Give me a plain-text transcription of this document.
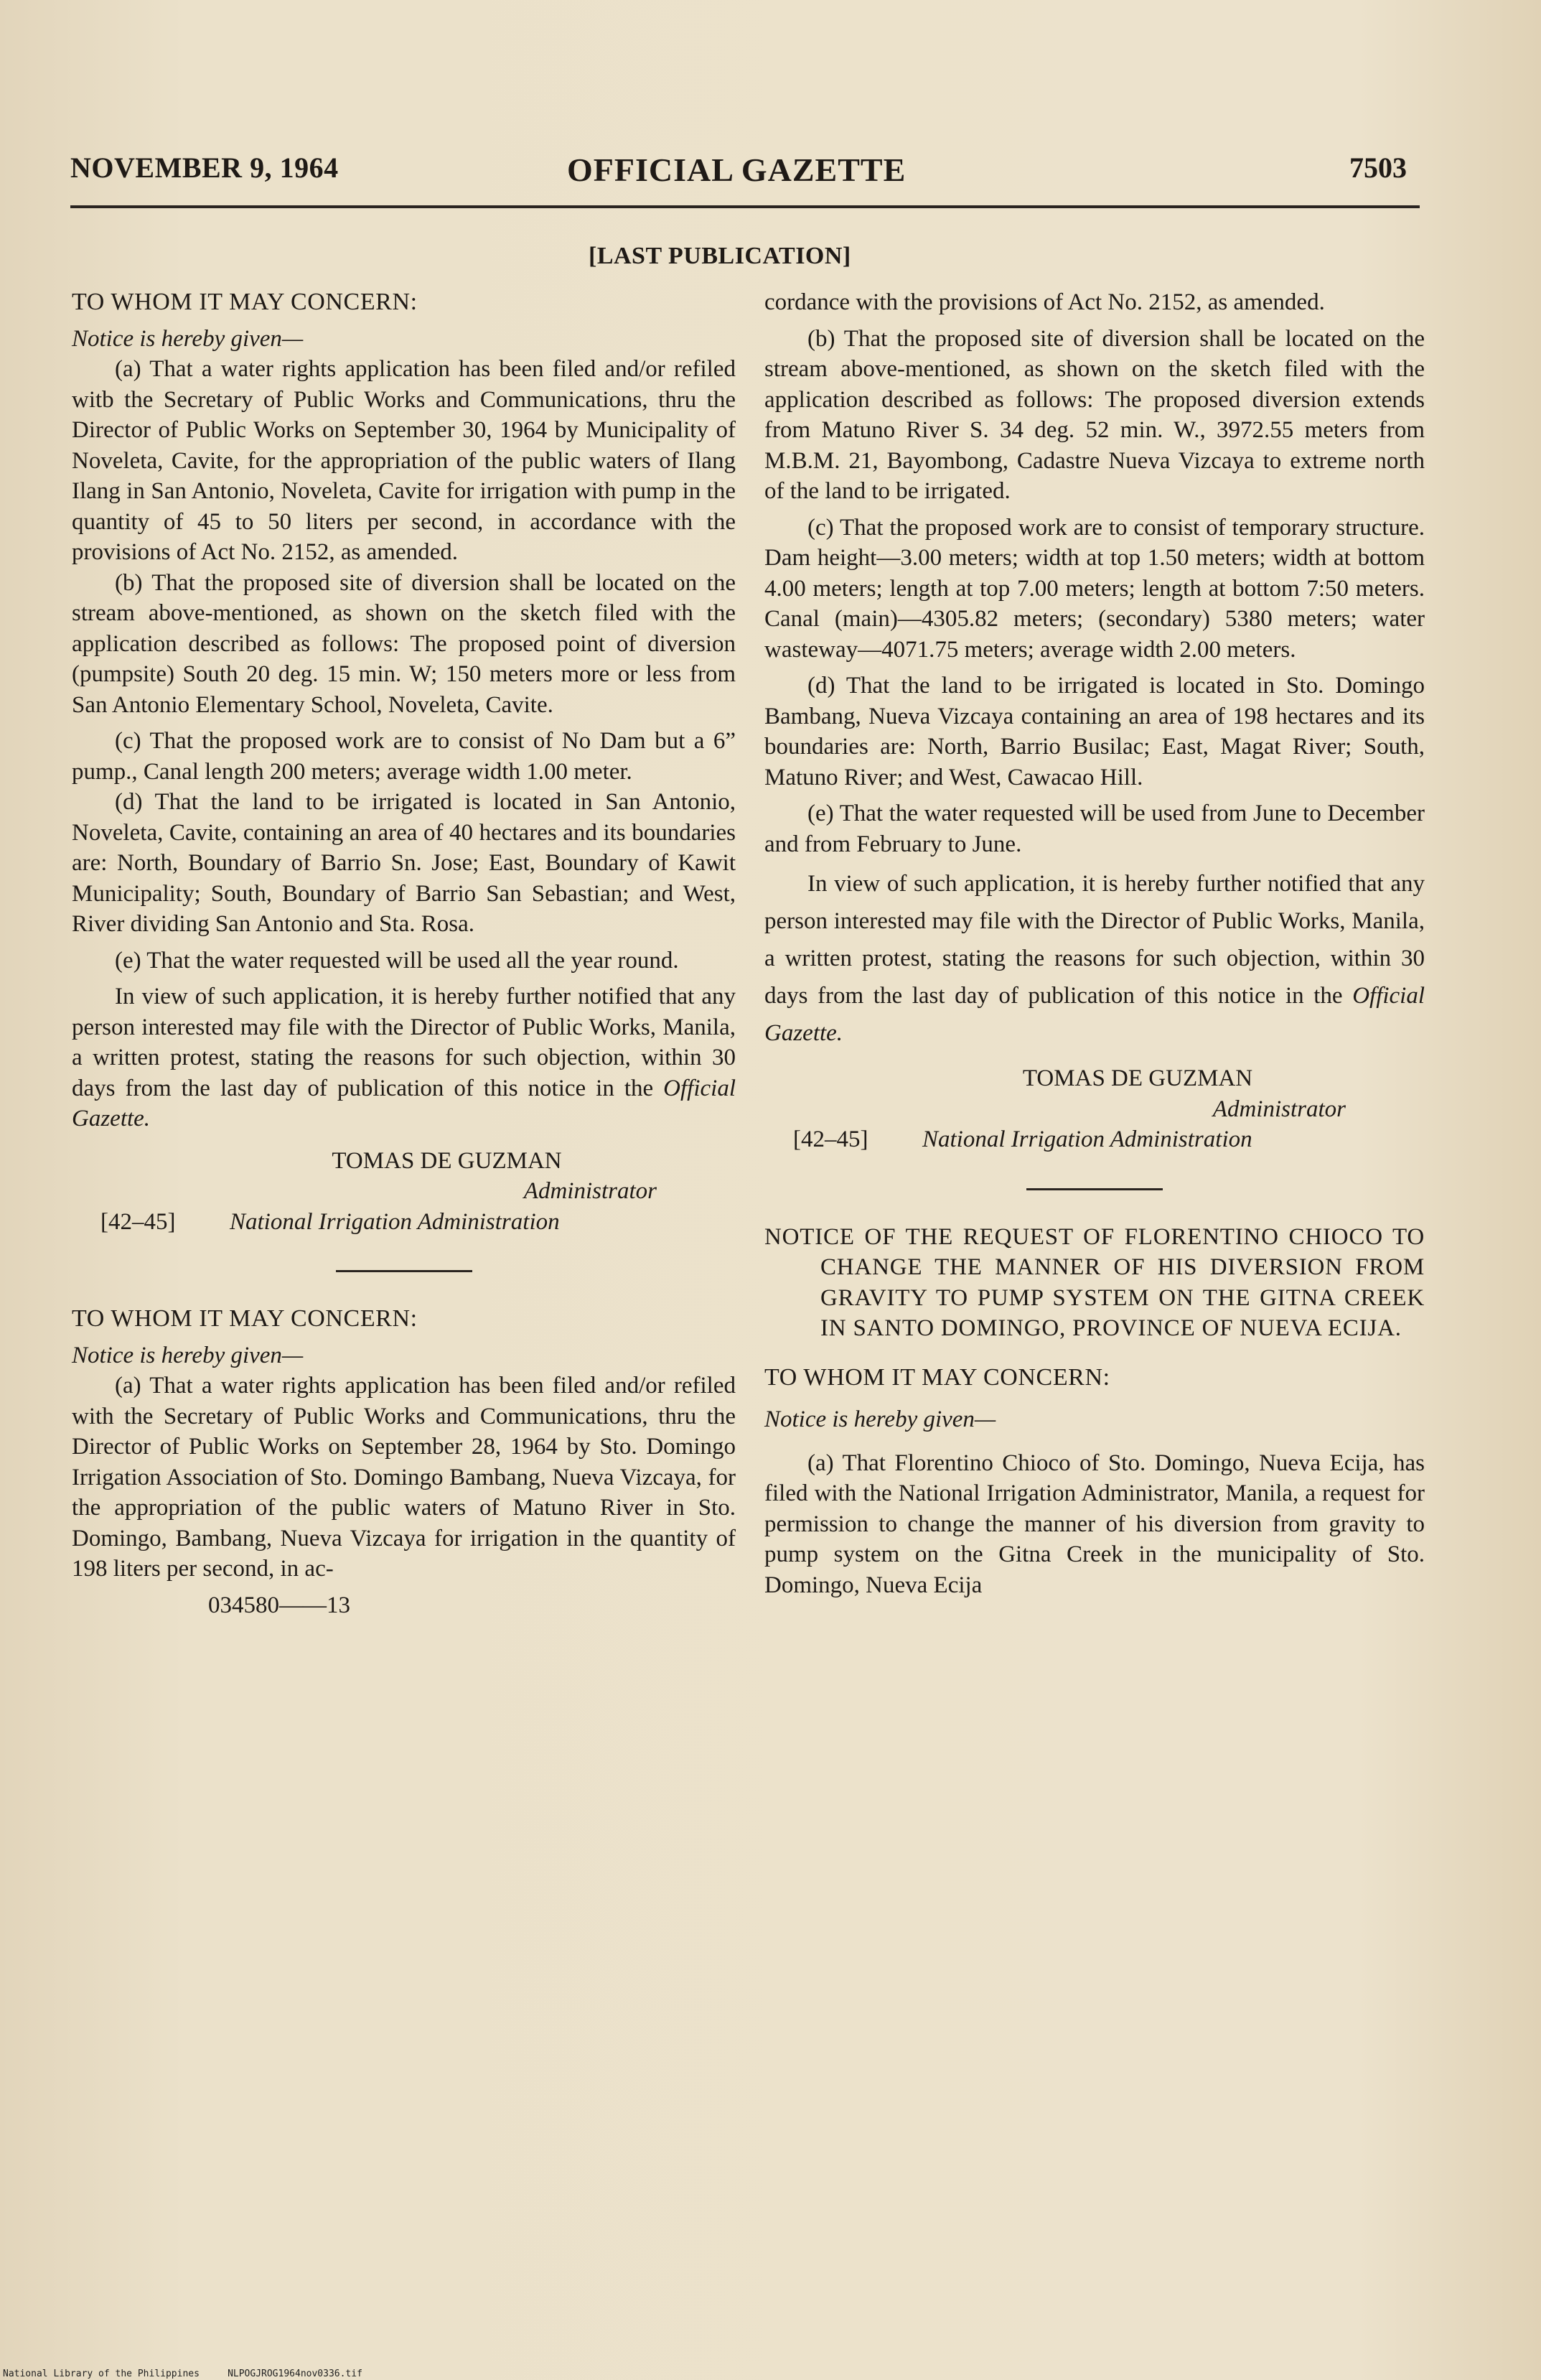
NOVEMBER 9, 1964	OFFICIAL GAZETTE	7503
[LAST PUBLICATION]

TO WHOM IT MAY CONCERN:

Notice is hereby given—

(a) That a water rights application has been filed and/or refiled witb the Secretary of Public Works and Communications, thru the Director of Public Works on September 30, 1964 by Municipality of Noveleta, Cavite, for the appropriation of the public waters of Ilang Ilang in San Antonio, Noveleta, Cavite for irrigation with pump in the quantity of 45 to 50 liters per second, in accordance with the provisions of Act No. 2152, as amended.

(b) That the proposed site of diversion shall be located on the stream above-mentioned, as shown on the sketch filed with the application described as follows: The proposed point of diversion (pumpsite) South 20 deg. 15 min. W; 150 meters more or less from San Antonio Elementary School, Noveleta, Cavite.

(c) That the proposed work are to consist of No Dam but a 6” pump., Canal length 200 meters; average width 1.00 meter.

(d) That the land to be irrigated is located in San Antonio, Noveleta, Cavite, containing an area of 40 hectares and its boundaries are: North, Boundary of Barrio Sn. Jose; East, Boundary of Kawit Municipality; South, Boundary of Barrio San Sebastian; and West, River dividing San Antonio and Sta. Rosa.

(e) That the water requested will be used all the year round.

In view of such application, it is hereby further notified that any person interested may file with the Director of Public Works, Manila, a written protest, stating the reasons for such objection, within 30 days from the last day of publication of this notice in the Official Gazette.

TOMAS DE GUZMAN

Administrator

[42–45]	National Irrigation Administration

TO WHOM IT MAY CONCERN:

Notice is hereby given—

(a) That a water rights application has been filed and/or refiled with the Secretary of Public Works and Communications, thru the Director of Public Works on September 28, 1964 by Sto. Domingo Irrigation Association of Sto. Domingo Bambang, Nueva Vizcaya, for the appropriation of the public waters of Matuno River in Sto. Domingo, Bambang, Nueva Vizcaya for irrigation in the quantity of 198 liters per second, in ac-

034580——13

cordance with the provisions of Act No. 2152, as amended.

(b) That the proposed site of diversion shall be located on the stream above-mentioned, as shown on the sketch filed with the application described as follows: The proposed diversion extends from Matuno River S. 34 deg. 52 min. W., 3972.55 meters from M.B.M. 21, Bayombong, Cadastre Nueva Vizcaya to extreme north of the land to be irrigated.

(c) That the proposed work are to consist of temporary structure. Dam height—3.00 meters; width at top 1.50 meters; width at bottom 4.00 meters; length at top 7.00 meters; length at bottom 7:50 meters. Canal (main)—4305.82 meters; (secondary) 5380 meters; water wasteway—4071.75 meters; average width 2.00 meters.

(d) That the land to be irrigated is located in Sto. Domingo Bambang, Nueva Vizcaya containing an area of 198 hectares and its boundaries are: North, Barrio Busilac; East, Magat River; South, Matuno River; and West, Cawacao Hill.

(e) That the water requested will be used from June to December and from February to June.

In view of such application, it is hereby further notified that any person interested may file with the Director of Public Works, Manila, a written protest, stating the reasons for such objection, within 30 days from the last day of publication of this notice in the Official Gazette.

TOMAS DE GUZMAN

Administrator

[42–45]	National Irrigation Administration

NOTICE OF THE REQUEST OF FLORENTINO CHIOCO TO CHANGE THE MANNER OF HIS DIVERSION FROM GRAVITY TO PUMP SYSTEM ON THE GITNA CREEK IN SANTO DOMINGO, PROVINCE OF NUEVA ECIJA.

TO WHOM IT MAY CONCERN:

Notice is hereby given—

(a) That Florentino Chioco of Sto. Domingo, Nueva Ecija, has filed with the National Irrigation Administrator, Manila, a request for permission to change the manner of his diversion from gravity to pump system on the Gitna Creek in the municipality of Sto. Domingo, Nueva Ecija

National Library of the Philippines     NLPOGJROG1964nov0336.tif
